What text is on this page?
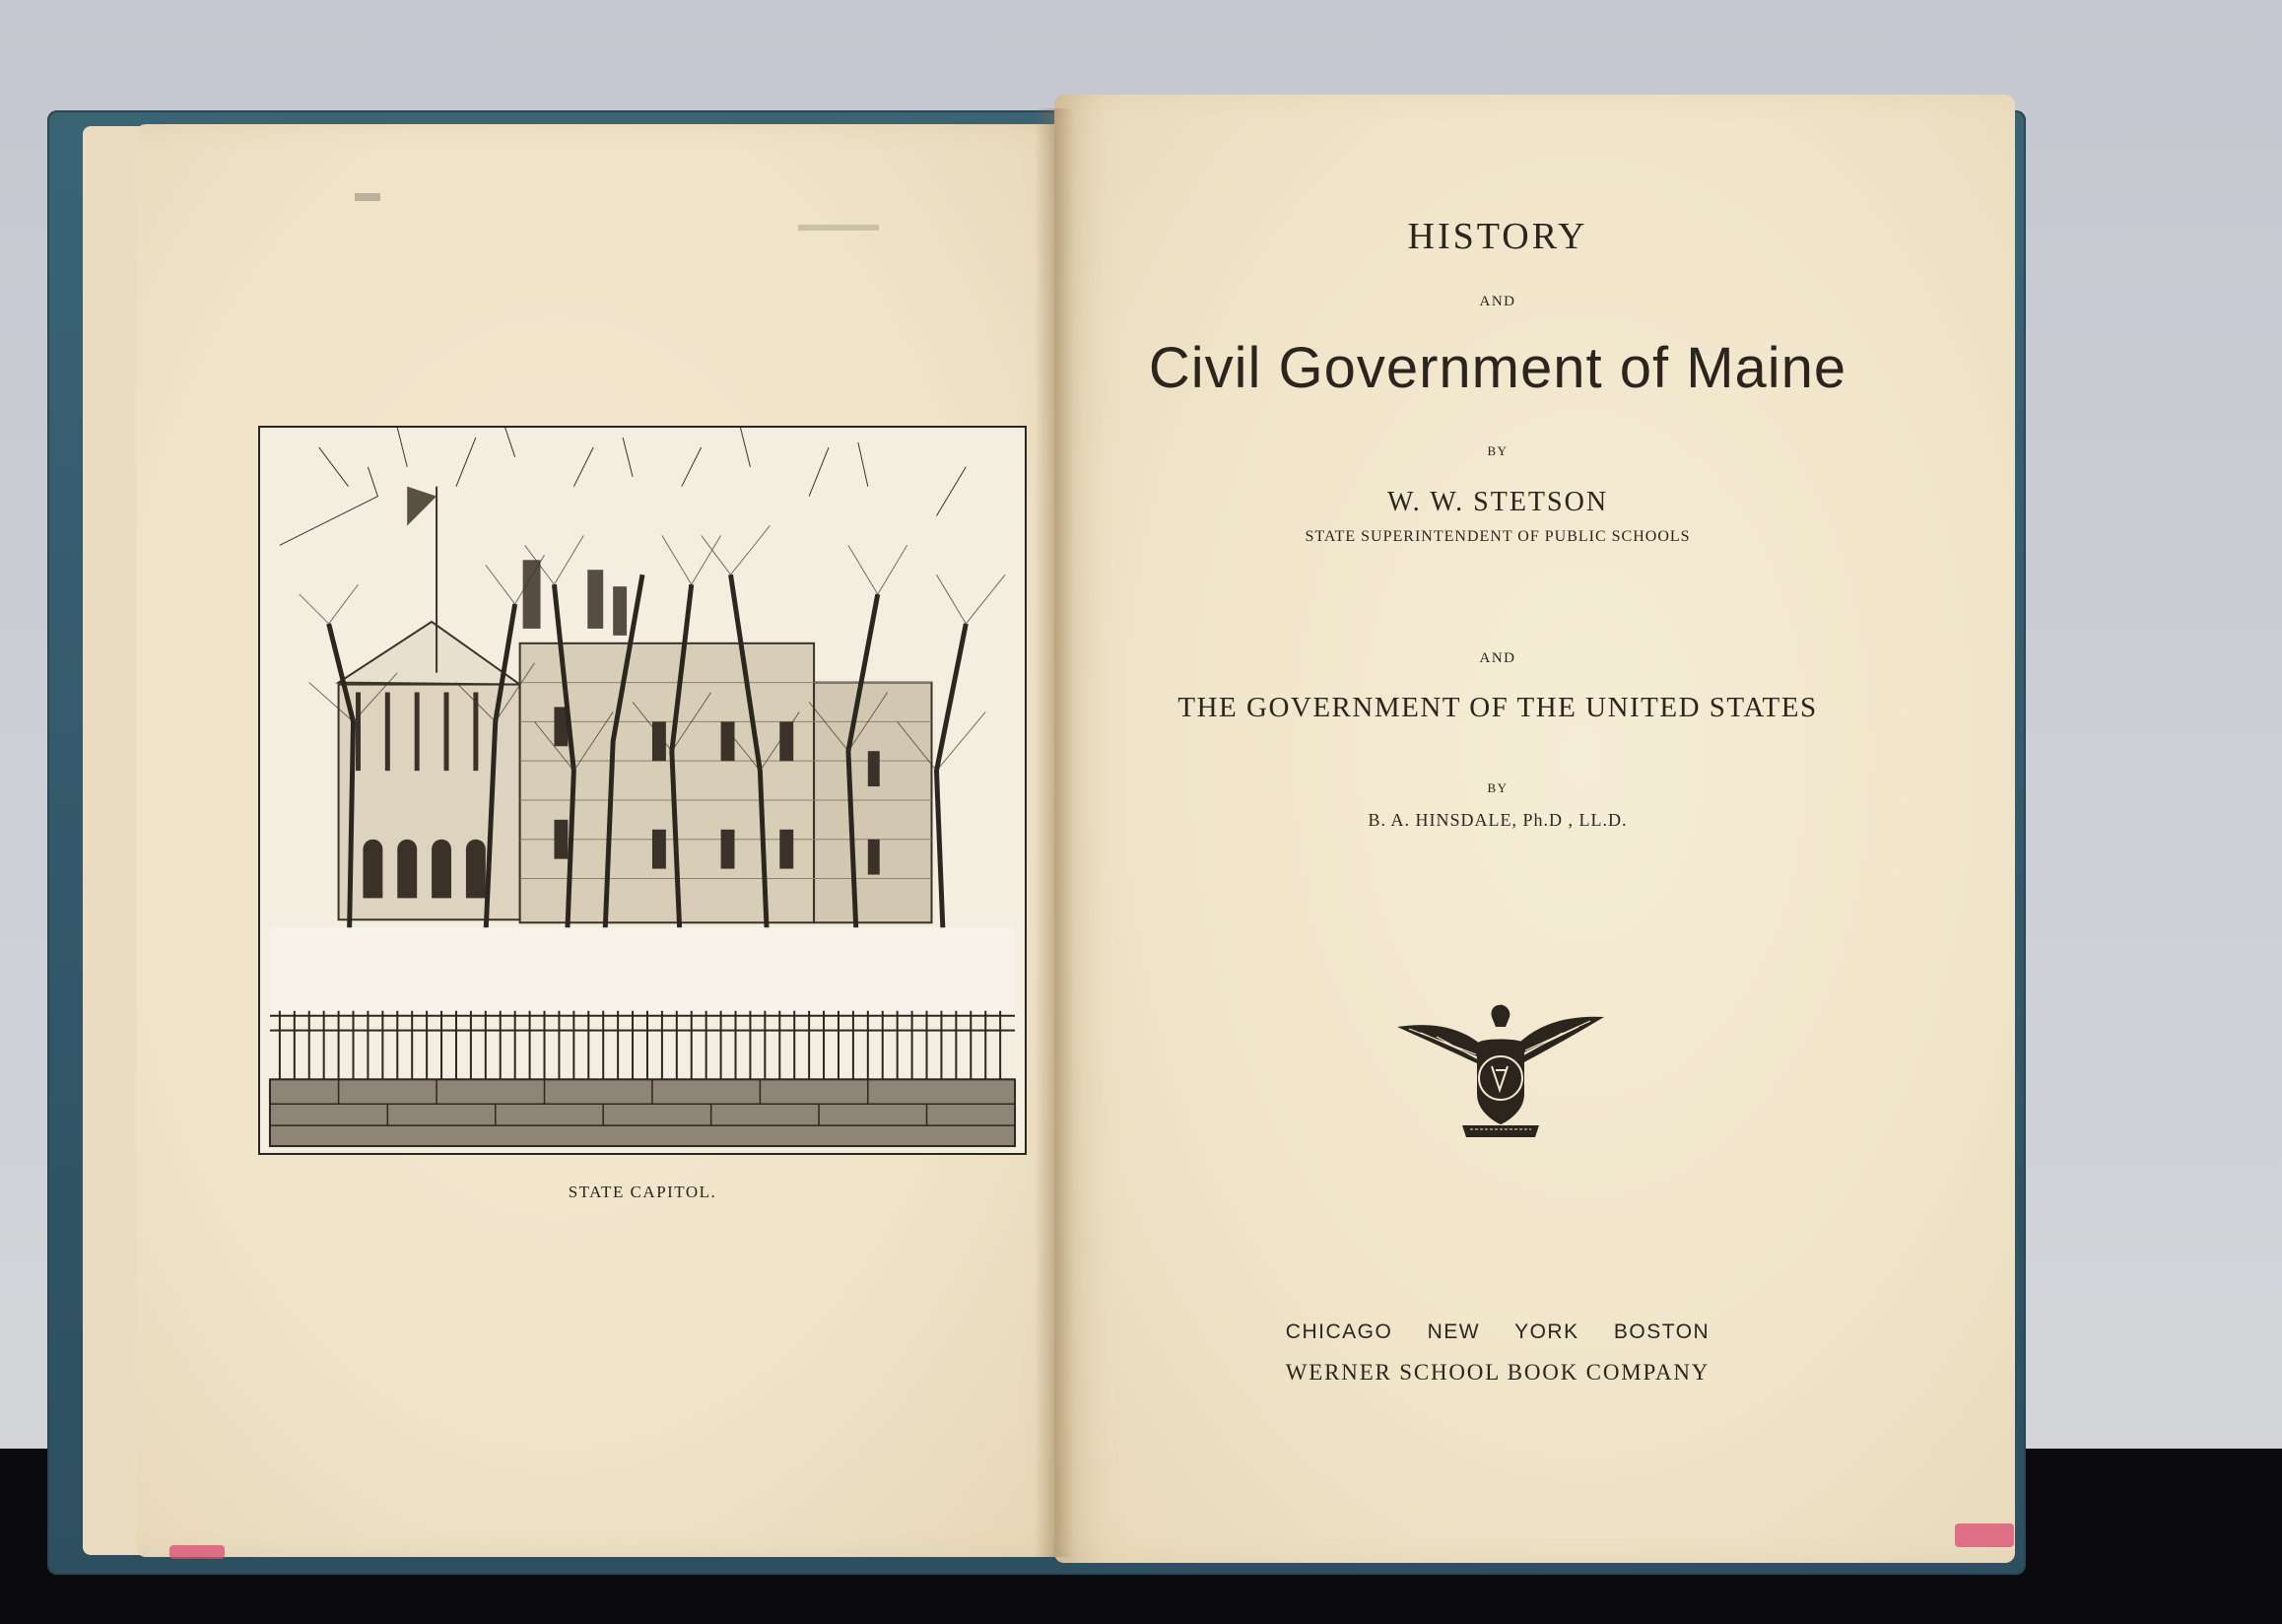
STATE CAPITOL.
HISTORY
AND
Civil Government of Maine
BY
W. W. STETSON
STATE SUPERINTENDENT OF PUBLIC SCHOOLS
AND
THE GOVERNMENT OF THE UNITED STATES
BY
B. A. HINSDALE, Ph.D , LL.D.
CHICAGO NEW YORK BOSTON
WERNER SCHOOL BOOK COMPANY
